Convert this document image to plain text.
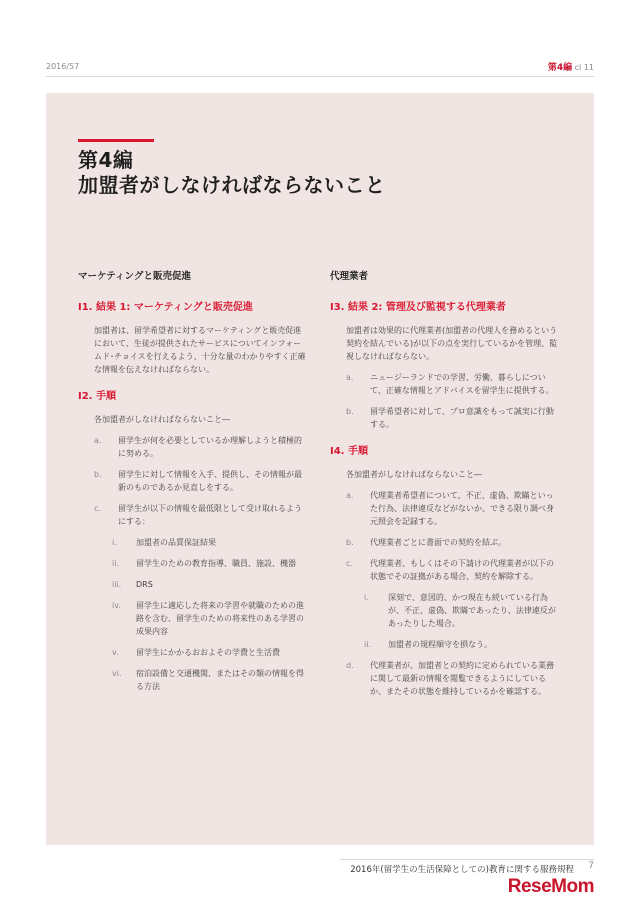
2016/57	第4編 cl 11
第4編
加盟者がしなければならないこと
マーケティングと販売促進
I1. 結果 1: マーケティングと販売促進
加盟者は、留学希望者に対するマーケティングと販売促進において、生徒が提供されたサービスについてインフォームド･チョイスを行えるよう、十分な量のわかりやすく正確な情報を伝えなければならない。
I2. 手順
各加盟者がしなければならないこと―
a. 留学生が何を必要としているか理解しようと積極的に努める。
b. 留学生に対して情報を入手、提供し、その情報が最新のものであるか見直しをする。
c. 留学生が以下の情報を最低限として受け取れるようにする：
i. 加盟者の品質保証結果
ii. 留学生のための教育指導、職員、施設、機器
iii. DRS
iv. 留学生に適応した将来の学習や就職のための進路を含む、留学生のための将来性のある学習の成果内容
v. 留学生にかかるおおよその学費と生活費
vi. 宿泊設備と交通機関、またはその類の情報を得る方法
代理業者
I3. 結果 2: 管理及び監視する代理業者
加盟者は効果的に代理業者(加盟者の代理人を務めるという契約を結んでいる)が以下の点を実行しているかを管理、監視しなければならない。
a. ニュージーランドでの学習、労働、暮らしについて、正確な情報とアドバイスを留学生に提供する。
b. 留学希望者に対して、プロ意識をもって誠実に行動する。
I4. 手順
各加盟者がしなければならないこと―
a. 代理業者希望者について、不正、虚偽、欺瞞といった行為、法律違反などがないか、できる限り調べ身元照会を記録する。
b. 代理業者ごとに書面での契約を結ぶ。
c. 代理業者、もしくはその下請けの代理業者が以下の状態でその証拠がある場合、契約を解除する。
i. 深刻で、意図的、かつ現在も続いている行為が、不正、虚偽、欺瞞であったり、法律違反があったりした場合。
ii. 加盟者の規程順守を損なう。
d. 代理業者が、加盟者との契約に定められている業務に関して最新の情報を閲覧できるようにしているか、またその状態を維持しているかを確認する。
2016年(留学生の生活保障としての)教育に関する服務規程 7
ReseMom
